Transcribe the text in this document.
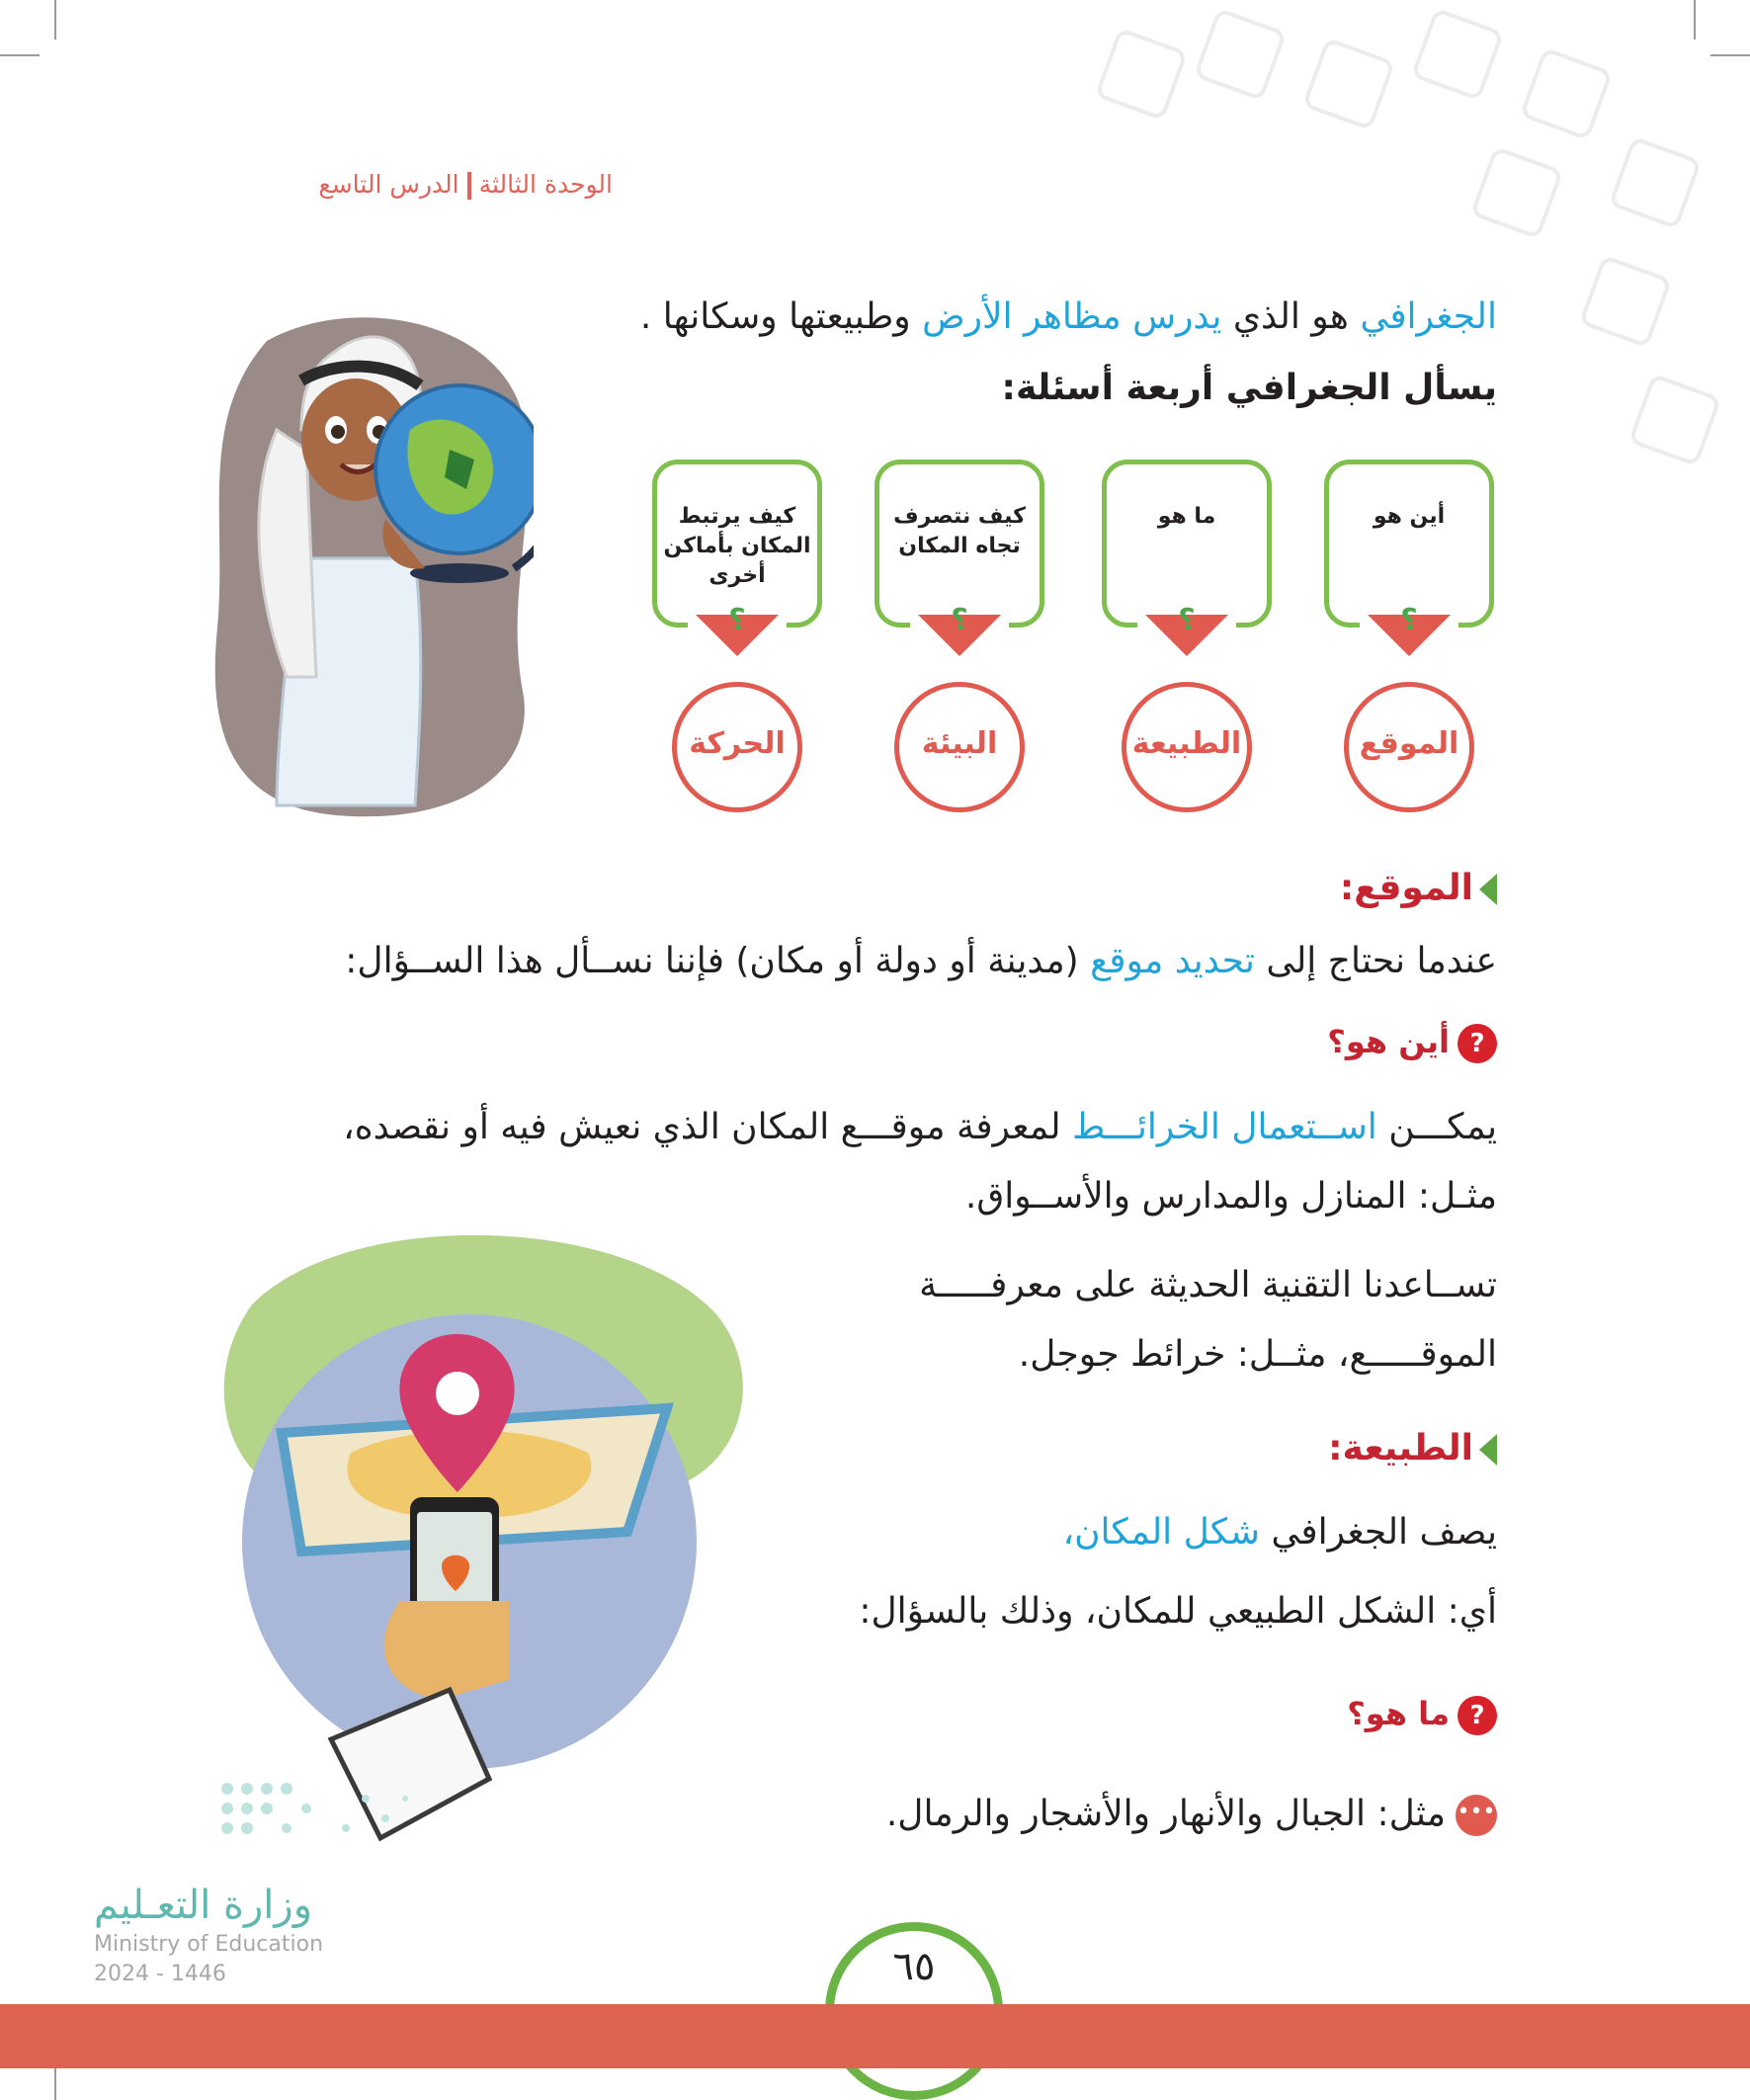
الوحدة الثالثةالدرس التاسع
الجغرافي هو الذي يدرس مظاهر الأرض وطبيعتها وسكانها .
يسأل الجغرافي أربعة أسئلة:
أين هو
ما هو
كيف نتصرف تجاه المكان
كيف يرتبط المكان بأماكن أخرى
؟
؟
؟
؟
الموقع
الطبيعة
البيئة
الحركة
الموقع:
عندما نحتاج إلى تحديد موقع (مدينة أو دولة أو مكان) فإننا نســأل هذا الســؤال:
?أين هو؟
يمكـــن اســتعمال الخرائـــط لمعرفة موقـــع المكان الذي نعيش فيه أو نقصده،
مثـل: المنازل والمدارس والأســواق.
تســاعدنا التقنية الحديثة على معرفـــــة
الموقـــــع، مثــل: خرائط جوجل.
الطبيعة:
يصف الجغرافي شكل المكان،
أي: الشكل الطبيعي للمكان، وذلك بالسؤال:
?ما هو؟
•••مثل: الجبال والأنهار والأشجار والرمال.
وزارة التعـليم
Ministry of Education
2024 - 1446	٦٥
